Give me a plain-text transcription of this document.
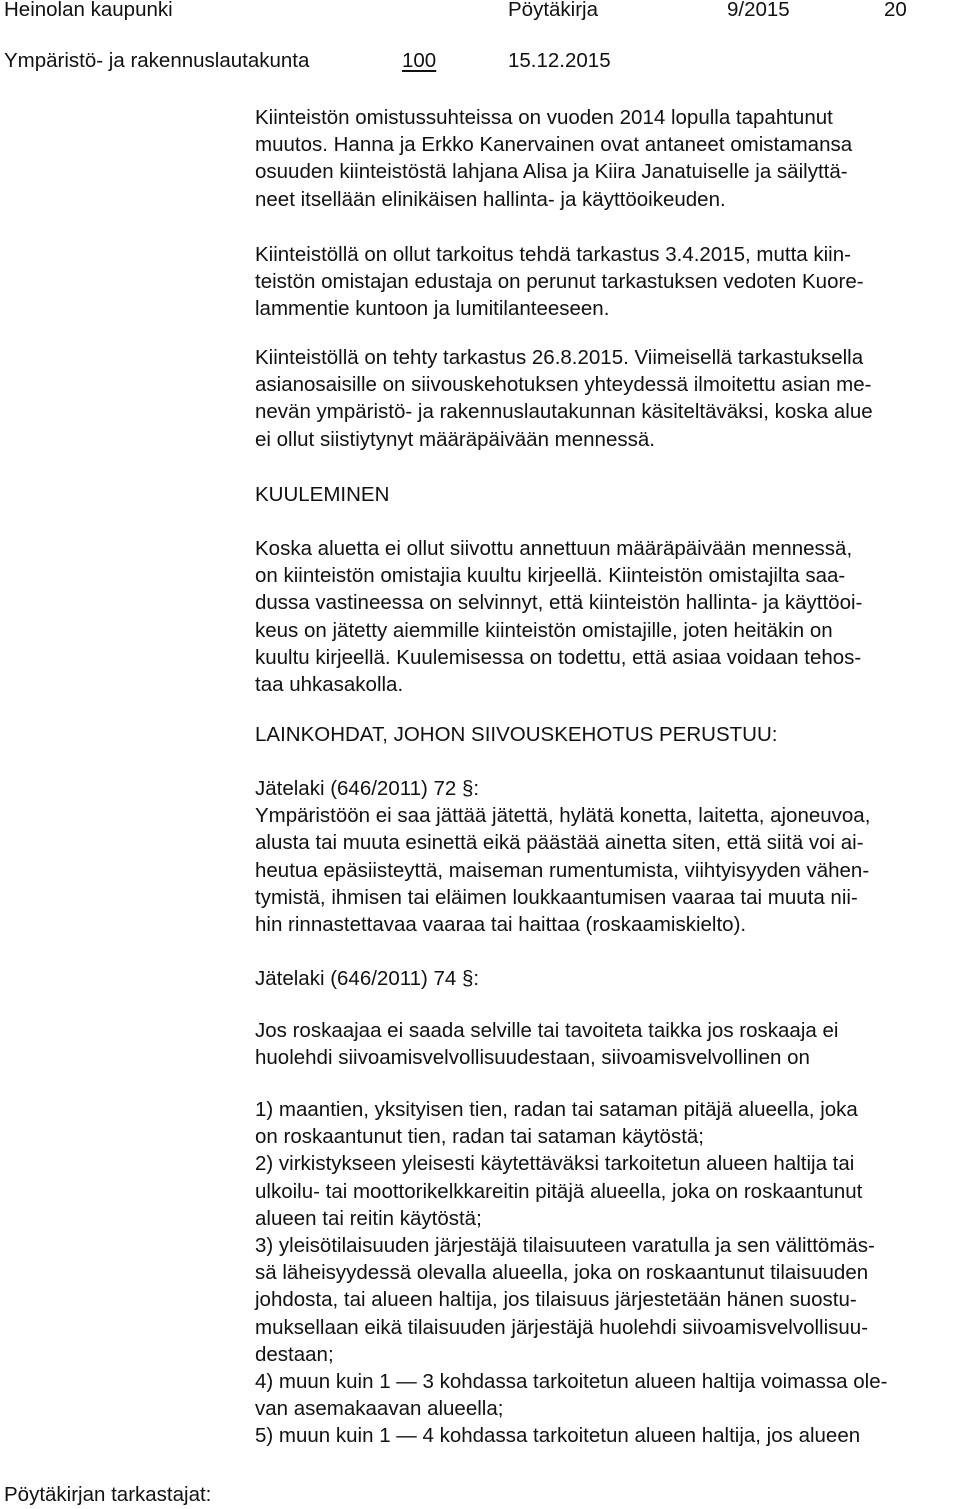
Heinolan kaupunki	Pöytäkirja	9/2015	20
Ympäristö- ja rakennuslautakunta	100	15.12.2015
Kiinteistön omistussuhteissa on vuoden 2014 lopulla tapahtunut
muutos. Hanna ja Erkko Kanervainen ovat antaneet omistamansa
osuuden kiinteistöstä lahjana Alisa ja Kiira Janatuiselle ja säilyttä-
neet itsellään elinikäisen hallinta- ja käyttöoikeuden.
Kiinteistöllä on ollut tarkoitus tehdä tarkastus 3.4.2015, mutta kiin-
teistön omistajan edustaja on perunut tarkastuksen vedoten Kuore-
lammentie kuntoon ja lumitilanteeseen.
Kiinteistöllä on tehty tarkastus 26.8.2015. Viimeisellä tarkastuksella
asianosaisille on siivouskehotuksen yhteydessä ilmoitettu asian me-
nevän ympäristö- ja rakennuslautakunnan käsiteltäväksi, koska alue
ei ollut siistiytynyt määräpäivään mennessä.
KUULEMINEN
Koska aluetta ei ollut siivottu annettuun määräpäivään mennessä,
on kiinteistön omistajia kuultu kirjeellä. Kiinteistön omistajilta saa-
dussa vastineessa on selvinnyt, että kiinteistön hallinta- ja käyttöoi-
keus on jätetty aiemmille kiinteistön omistajille, joten heitäkin on
kuultu kirjeellä. Kuulemisessa on todettu, että asiaa voidaan tehos-
taa uhkasakolla.
LAINKOHDAT, JOHON SIIVOUSKEHOTUS PERUSTUU:
Jätelaki (646/2011) 72 §:
Ympäristöön ei saa jättää jätettä, hylätä konetta, laitetta, ajoneuvoa,
alusta tai muuta esinettä eikä päästää ainetta siten, että siitä voi ai-
heutua epäsiisteyttä, maiseman rumentumista, viihtyisyyden vähen-
tymistä, ihmisen tai eläimen loukkaantumisen vaaraa tai muuta nii-
hin rinnastettavaa vaaraa tai haittaa (roskaamiskielto).
Jätelaki (646/2011) 74 §:
Jos roskaajaa ei saada selville tai tavoiteta taikka jos roskaaja ei
huolehdi siivoamisvelvollisuudestaan, siivoamisvelvollinen on
1) maantien, yksityisen tien, radan tai sataman pitäjä alueella, joka
on roskaantunut tien, radan tai sataman käytöstä;
2) virkistykseen yleisesti käytettäväksi tarkoitetun alueen haltija tai
ulkoilu- tai moottorikelkkareitin pitäjä alueella, joka on roskaantunut
alueen tai reitin käytöstä;
3) yleisötilaisuuden järjestäjä tilaisuuteen varatulla ja sen välittömäs-
sä läheisyydessä olevalla alueella, joka on roskaantunut tilaisuuden
johdosta, tai alueen haltija, jos tilaisuus järjestetään hänen suostu-
muksellaan eikä tilaisuuden järjestäjä huolehdi siivoamisvelvollisuu-
destaan;
4) muun kuin 1 — 3 kohdassa tarkoitetun alueen haltija voimassa ole-
van asemakaavan alueella;
5) muun kuin 1 — 4 kohdassa tarkoitetun alueen haltija, jos alueen
Pöytäkirjan tarkastajat:
